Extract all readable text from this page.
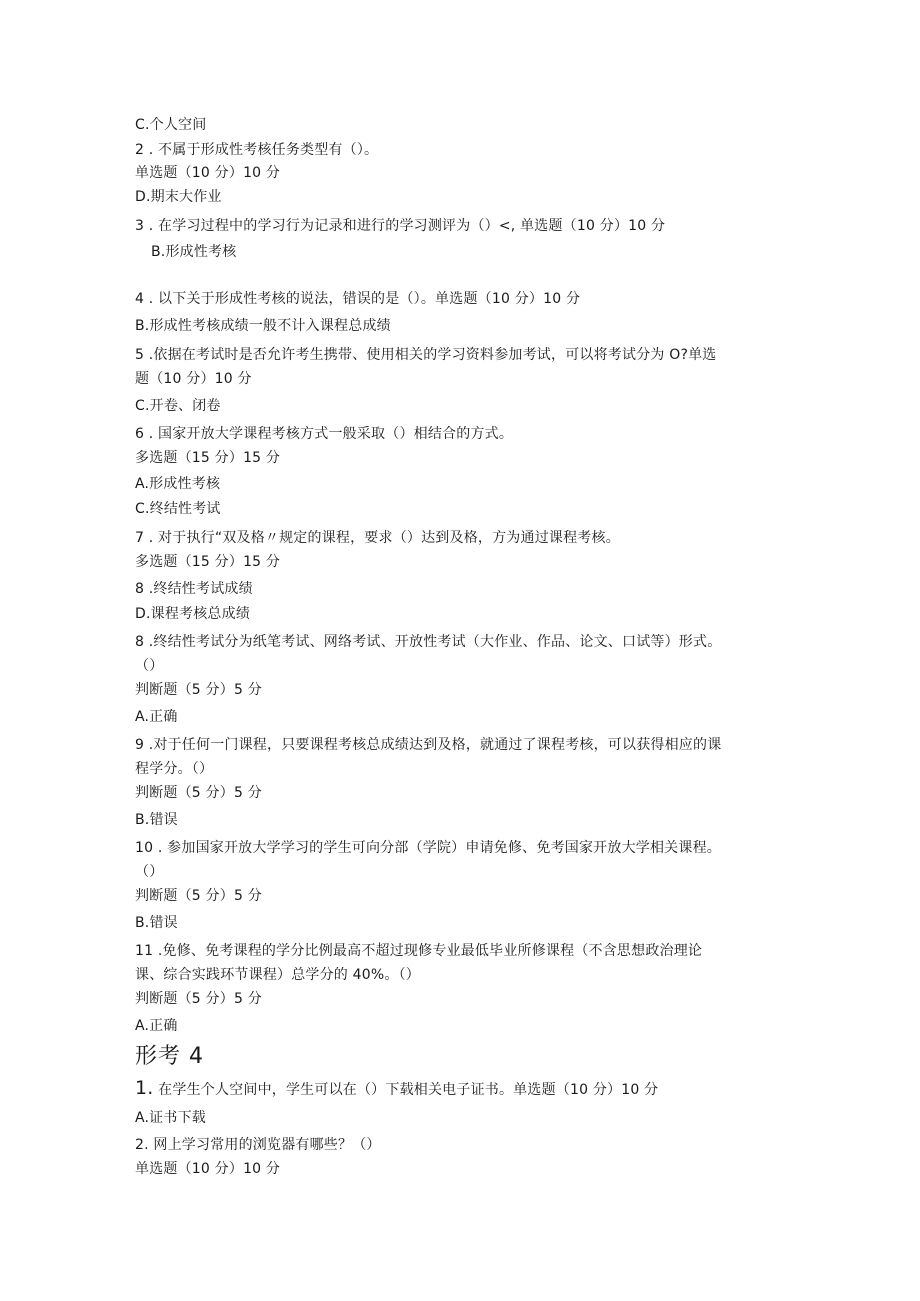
C.个人空间
2 . 不属于形成性考核任务类型有（）。
单选题（10 分）10 分
D.期末大作业
3 . 在学习过程中的学习行为记录和进行的学习测评为（）<, 单选题（10 分）10 分
B.形成性考核
4 . 以下关于形成性考核的说法，错误的是（）。单选题（10 分）10 分
B.形成性考核成绩一般不计入课程总成绩
5 .依据在考试时是否允许考生携带、使用相关的学习资料参加考试，可以将考试分为 O?单选
题（10 分）10 分
C.开卷、闭卷
6 . 国家开放大学课程考核方式一般采取（）相结合的方式。
多选题（15 分）15 分
A.形成性考核
C.终结性考试
7 . 对于执行“双及格〃规定的课程，要求（）达到及格，方为通过课程考核。
多选题（15 分）15 分
8 .终结性考试成绩
D.课程考核总成绩
8 .终结性考试分为纸笔考试、网络考试、开放性考试（大作业、作品、论文、口试等）形式。
（）
判断题（5 分）5 分
A.正确
9 .对于任何一门课程，只要课程考核总成绩达到及格，就通过了课程考核，可以获得相应的课
程学分。（）
判断题（5 分）5 分
B.错误
10 . 参加国家开放大学学习的学生可向分部（学院）申请免修、免考国家开放大学相关课程。
（）
判断题（5 分）5 分
B.错误
11 .免修、免考课程的学分比例最高不超过现修专业最低毕业所修课程（不含思想政治理论
课、综合实践环节课程）总学分的 40%。（）
判断题（5 分）5 分
A.正确
形考 4
1. 在学生个人空间中，学生可以在（）下载相关电子证书。单选题（10 分）10 分
A.证书下载
2. 网上学习常用的浏览器有哪些？（）
单选题（10 分）10 分
